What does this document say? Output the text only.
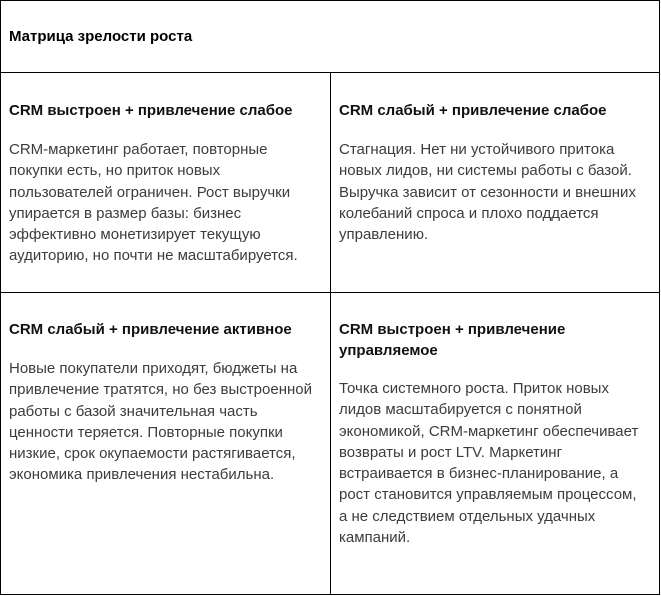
Матрица зрелости роста
CRM выстроен + привлечение слабое
CRM-маркетинг работает, повторные покупки есть, но приток новых пользователей ограничен. Рост выручки упирается в размер базы: бизнес эффективно монетизирует текущую аудиторию, но почти не масштабируется.
CRM слабый + привлечение слабое
Стагнация. Нет ни устойчивого притока новых лидов, ни системы работы с базой. Выручка зависит от сезонности и внешних колебаний спроса и плохо поддается управлению.
CRM слабый + привлечение активное
Новые покупатели приходят, бюджеты на привлечение тратятся, но без выстроенной работы с базой значительная часть ценности теряется. Повторные покупки низкие, срок окупаемости растягивается, экономика привлечения нестабильна.
CRM выстроен + привлечение управляемое
Точка системного роста. Приток новых лидов масштабируется с понятной экономикой, CRM-маркетинг обеспечивает возвраты и рост LTV. Маркетинг встраивается в бизнес-планирование, а рост становится управляемым процессом, а не следствием отдельных удачных кампаний.
